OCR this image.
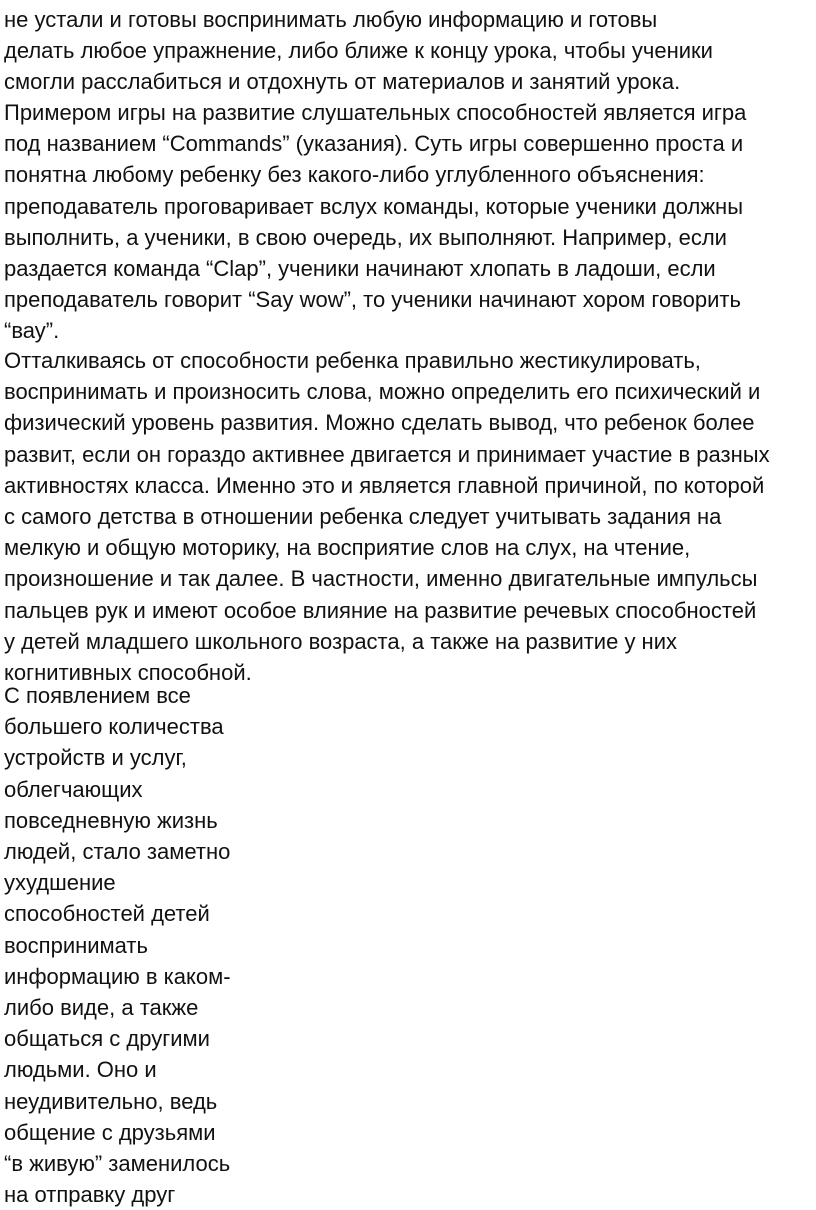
не устали и готовы воспринимать любую информацию и готовы
делать любое упражнение, либо ближе к концу урока, чтобы ученики
смогли расслабиться и отдохнуть от материалов и занятий урока.

Примером игры на развитие слушательных способностей является игра
под названием “Commands” (указания). Суть игры совершенно проста и
понятна любому ребенку без какого-либо углубленного объяснения:
преподаватель проговаривает вслух команды, которые ученики должны
выполнить, а ученики, в свою очередь, их выполняют. Например, если
раздается команда “Clap”, ученики начинают хлопать в ладоши, если
преподаватель говорит “Say wow”, то ученики начинают хором говорить
“вау”.

Отталкиваясь от способности ребенка правильно жестикулировать,
воспринимать и произносить слова, можно определить его психический и
физический уровень развития. Можно сделать вывод, что ребенок более
развит, если он гораздо активнее двигается и принимает участие в разных
активностях класса. Именно это и является главной причиной, по которой
с самого детства в отношении ребенка следует учитывать задания на
мелкую и общую моторику, на восприятие слов на слух, на чтение,
произношение и так далее. В частности, именно двигательные импульсы
пальцев рук и имеют особое влияние на развитие речевых способностей
у детей младшего школьного возраста, а также на развитие у них
когнитивных способной.

С появлением все
большего количества
устройств и услуг,
облегчающих
повседневную жизнь
людей, стало заметно
ухудшение
способностей детей
воспринимать
информацию в каком-
либо виде, а также
общаться с другими
людьми. Оно и
неудивительно, ведь
общение с друзьями
“в живую” заменилось
на отправку друг
